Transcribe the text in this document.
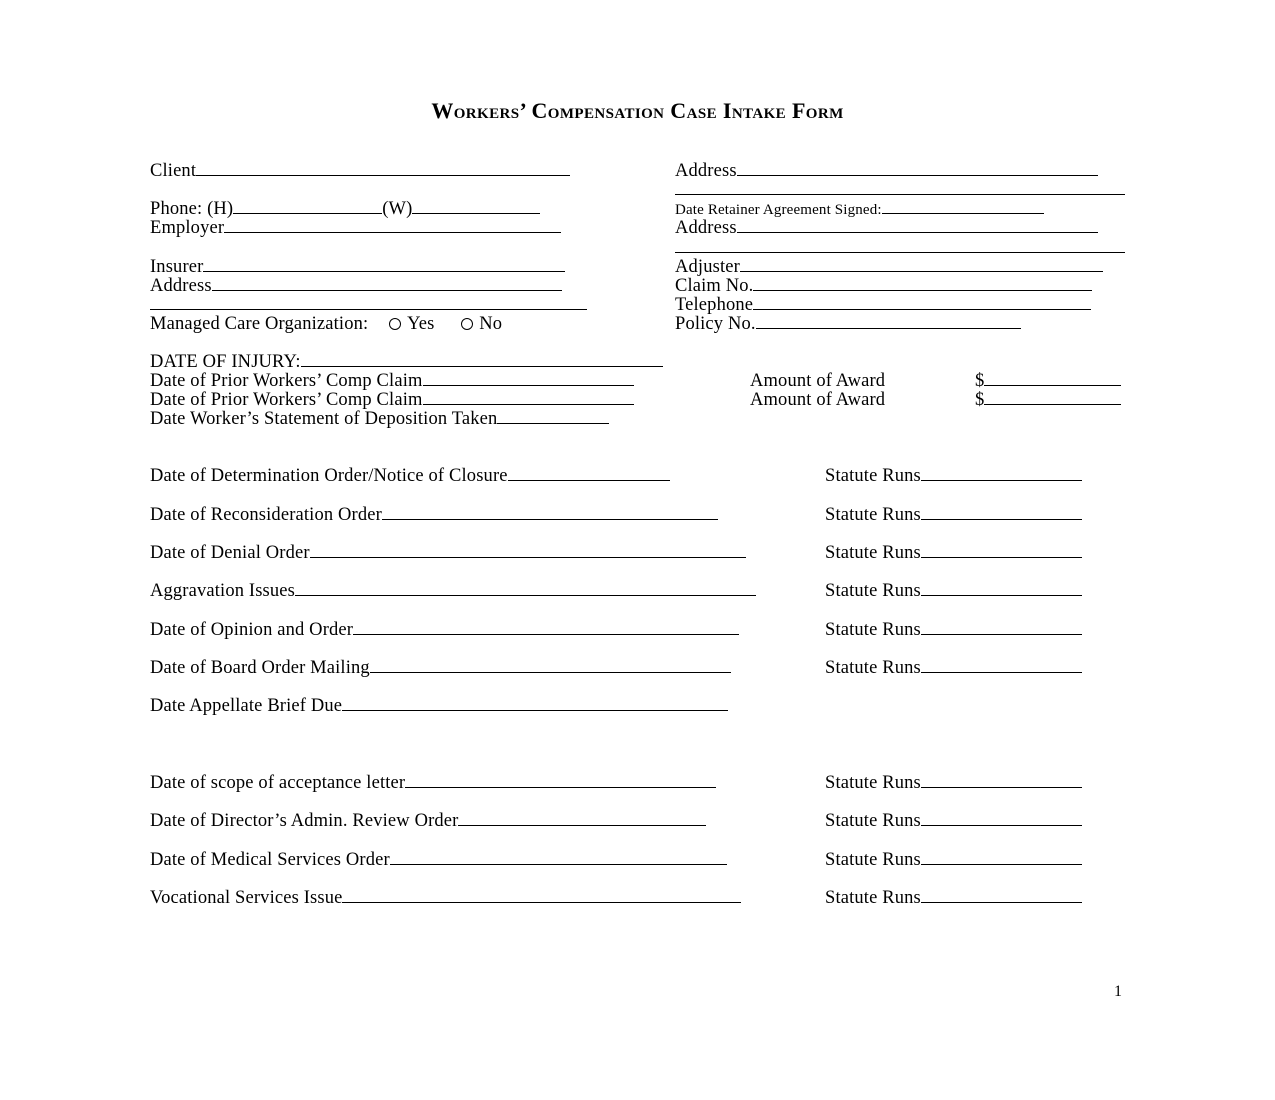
Workers’ Compensation Case Intake Form
Client
Phone: (H)	(W)
Employer
Insurer
Address
Managed Care Organization: Yes No
Address
Date Retainer Agreement Signed:
Address
Adjuster
Claim No.
Telephone
Policy No.
DATE OF INJURY:
Date of Prior Workers’ Comp Claim	Amount of Award	$
Date of Prior Workers’ Comp Claim	Amount of Award	$
Date Worker’s Statement of Deposition Taken
Date of Determination Order/Notice of Closure	Statute Runs
Date of Reconsideration Order	Statute Runs
Date of Denial Order	Statute Runs
Aggravation Issues	Statute Runs
Date of Opinion and Order	Statute Runs
Date of Board Order Mailing	Statute Runs
Date Appellate Brief Due
Date of scope of acceptance letter	Statute Runs
Date of Director’s Admin. Review Order	Statute Runs
Date of Medical Services Order	Statute Runs
Vocational Services Issue	Statute Runs
1
